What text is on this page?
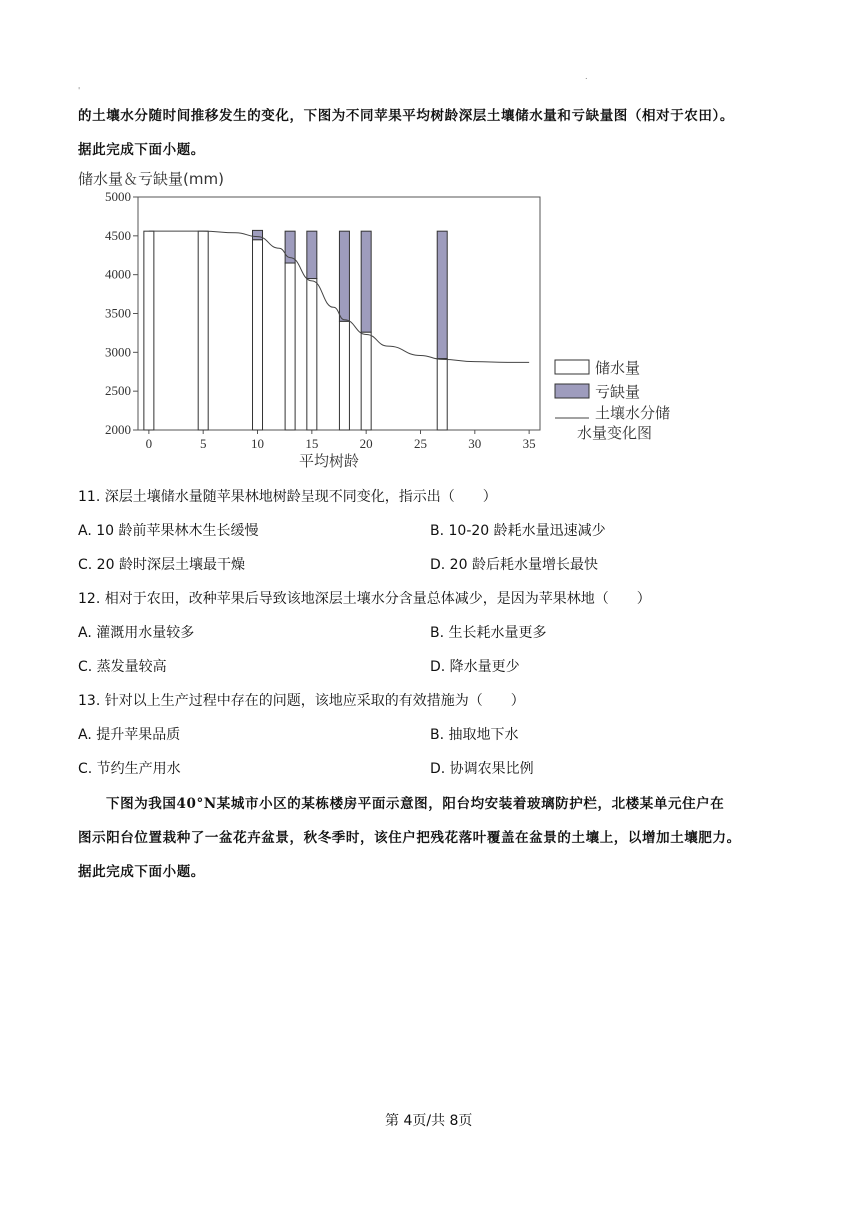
'
.
的土壤水分随时间推移发生的变化，下图为不同苹果平均树龄深层土壤储水量和亏缺量图（相对于农田）。
据此完成下面小题。
储水量＆亏缺量(mm)
2000
2500
3000
3500
4000
4500
5000
0	5	10	15	20	25	30	35
平均树龄
储水量
亏缺量
土壤水分储
水量变化图
11. 深层土壤储水量随苹果林地树龄呈现不同变化，指示出（　　）
A. 10 龄前苹果林木生长缓慢	B. 10-20 龄耗水量迅速减少
C. 20 龄时深层土壤最干燥	D. 20 龄后耗水量增长最快
12. 相对于农田，改种苹果后导致该地深层土壤水分含量总体减少，是因为苹果林地（　　）
A. 灌溉用水量较多	B. 生长耗水量更多
C. 蒸发量较高	D. 降水量更少
13. 针对以上生产过程中存在的问题，该地应采取的有效措施为（　　）
A. 提升苹果品质	B. 抽取地下水
C. 节约生产用水	D. 协调农果比例
下图为我国40°N某城市小区的某栋楼房平面示意图，阳台均安装着玻璃防护栏，北楼某单元住户在
图示阳台位置栽种了一盆花卉盆景，秋冬季时，该住户把残花落叶覆盖在盆景的土壤上，以增加土壤肥力。
据此完成下面小题。
第 4页/共 8页
